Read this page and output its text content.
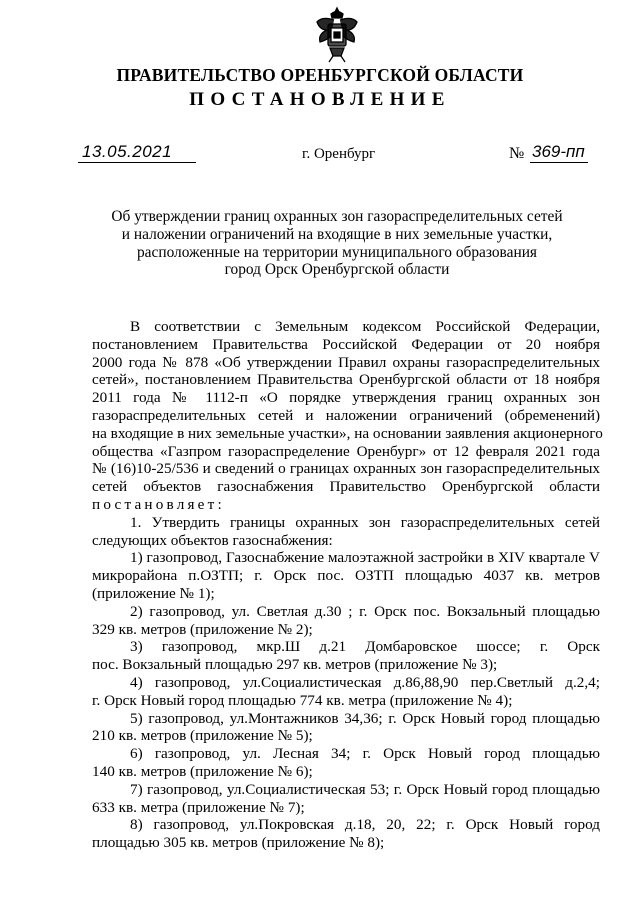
ПРАВИТЕЛЬСТВО ОРЕНБУРГСКОЙ ОБЛАСТИ
ПОСТАНОВЛЕНИЕ
13.05.2021	г. Оренбург	№ 369-пп
Об утверждении границ охранных зон газораспределительных сетей
и наложении ограничений на входящие в них земельные участки,
расположенные на территории муниципального образования
город Орск Оренбургской области
В соответствии с Земельным кодексом Российской Федерации,
постановлением Правительства Российской Федерации от 20 ноября
2000 года № 878 «Об утверждении Правил охраны газораспределительных
сетей», постановлением Правительства Оренбургской области от 18 ноября
2011 года № 1112-п «О порядке утверждения границ охранных зон
газораспределительных сетей и наложении ограничений (обременений)
на входящие в них земельные участки», на основании заявления акционерного
общества «Газпром газораспределение Оренбург» от 12 февраля 2021 года
№ (16)10-25/536 и сведений о границах охранных зон газораспределительных
сетей объектов газоснабжения Правительство Оренбургской области
постановляет:
1. Утвердить границы охранных зон газораспределительных сетей
следующих объектов газоснабжения:
1) газопровод, Газоснабжение малоэтажной застройки в XIV квартале V
микрорайона п.ОЗТП; г. Орск пос. ОЗТП площадью 4037 кв. метров
(приложение № 1);
2) газопровод, ул. Светлая д.30 ; г. Орск пос. Вокзальный площадью
329 кв. метров (приложение № 2);
3) газопровод, мкр.Ш д.21 Домбаровское шоссе; г. Орск
пос. Вокзальный площадью 297 кв. метров (приложение № 3);
4) газопровод, ул.Социалистическая д.86,88,90 пер.Светлый д.2,4;
г. Орск Новый город площадью 774 кв. метра (приложение № 4);
5) газопровод, ул.Монтажников 34,36; г. Орск Новый город площадью
210 кв. метров (приложение № 5);
6) газопровод, ул. Лесная 34; г. Орск Новый город площадью
140 кв. метров (приложение № 6);
7) газопровод, ул.Социалистическая 53; г. Орск Новый город площадью
633 кв. метра (приложение № 7);
8) газопровод, ул.Покровская д.18, 20, 22; г. Орск Новый город
площадью 305 кв. метров (приложение № 8);
